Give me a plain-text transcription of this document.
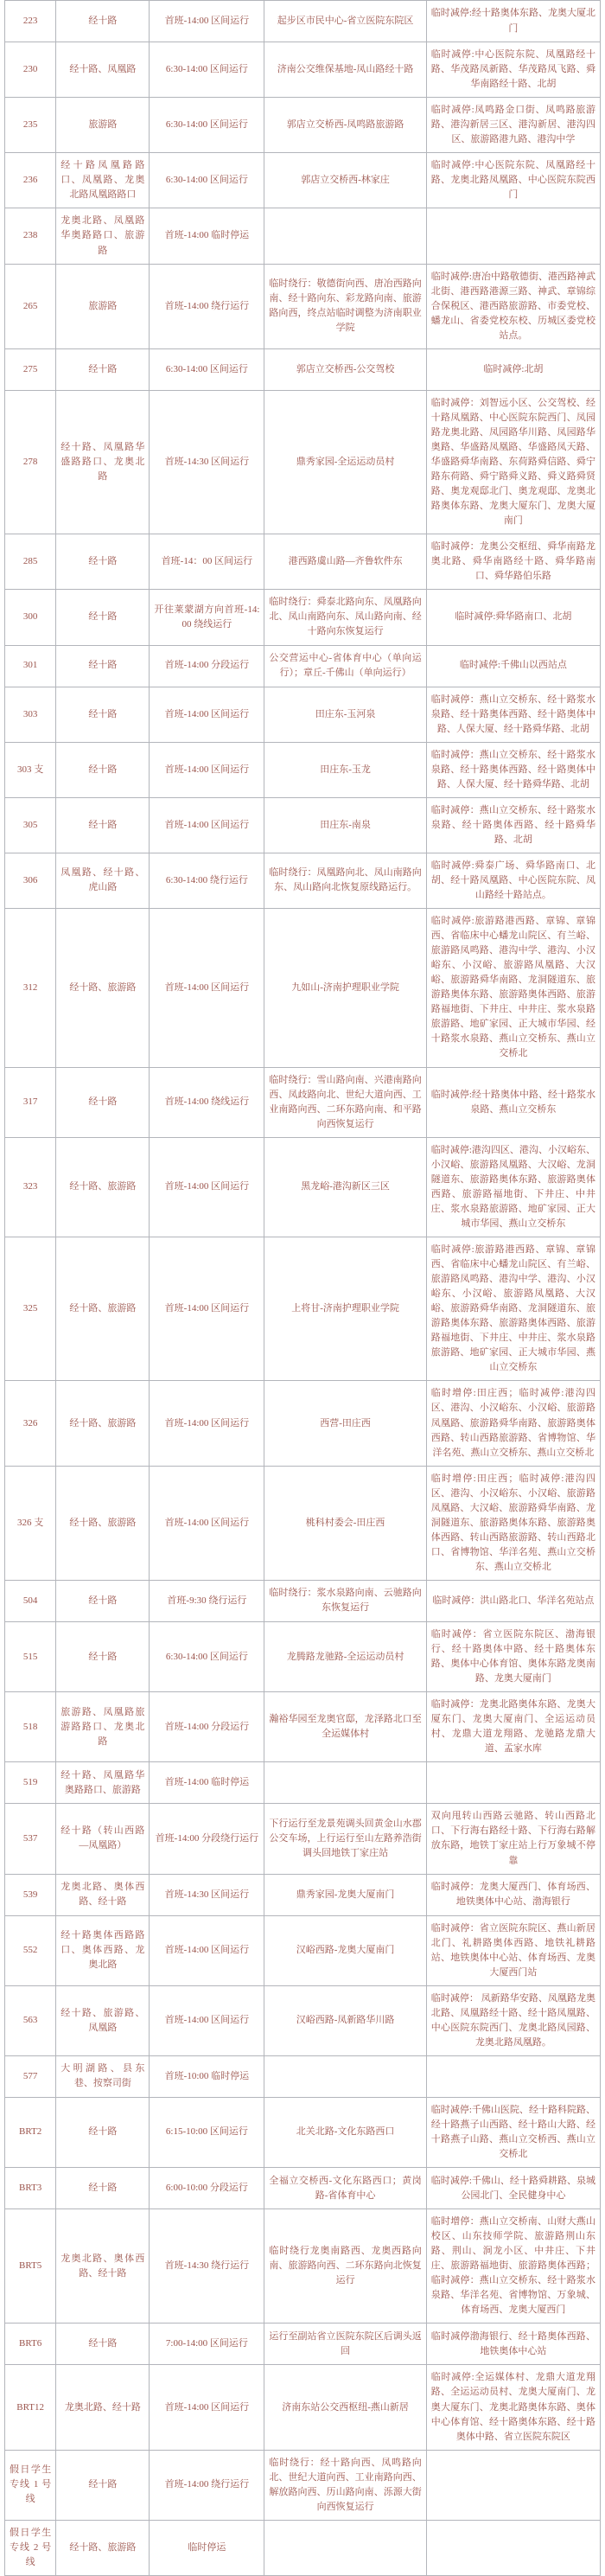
223	经十路	首班-14:00 区间运行	起步区市民中心-省立医院东院区	临时减停:经十路奥体东路、龙奥大厦北门
230	经十路、凤凰路	6:30-14:00 区间运行	济南公交维保基地-凤山路经十路	临时减停:中心医院东院、凤凰路经十路、华茂路凤新路、华茂路凤飞路、舜华南路经十路、北胡
235	旅游路	6:30-14:00 区间运行	郭店立交桥西-凤鸣路旅游路	临时减停:凤鸣路金口街、凤鸣路旅游路、港沟新居三区、港沟新居、港沟四区、旅游路港九路、港沟中学
236	经十路凤凰路路口、凤凰路、龙奥北路凤凰路路口	6:30-14:00 区间运行	郭店立交桥西-林家庄	临时减停:中心医院东院、凤凰路经十路、龙奥北路凤凰路、中心医院东院西门
238	龙奥北路、凤凰路华奥路路口、旅游路	首班-14:00 临时停运		
265	旅游路	首班-14:00 绕行运行	临时绕行：敬德街向西、唐冶西路向南、经十路向东、彩龙路向南、旅游路向西，终点站临时调整为济南职业学院	临时减停:唐冶中路敬德街、港西路神武北街、港西路港源三路、神武、章锦综合保税区、港西路旅游路、市委党校、蟠龙山、省委党校东校、历城区委党校站点。
275	经十路	6:30-14:00 区间运行	郭店立交桥西-公交驾校	临时减停:北胡
278	经十路、凤凰路华盛路路口、龙奥北路	首班-14:30 区间运行	鼎秀家园-全运运动员村	临时减停：刘智远小区、公交驾校、经十路凤凰路、中心医院东院西门、凤园路龙奥北路、凤园路华川路、凤园路华奥路、华盛路凤凰路、华盛路凤天路、华盛路舜华南路、东荷路舜信路、舜宁路东荷路、舜宁路舜义路、舜义路舜贤路、奥龙观邸北门、奥龙观邸、龙奥北路奥体东路、龙奥大厦东门、龙奥大厦南门
285	经十路	首班-14：00 区间运行	港西路虞山路—齐鲁软件东	临时减停：龙奥公交枢纽、舜华南路龙奥北路、舜华南路经十路、舜华路南口、舜华路伯乐路
300	经十路	开往莱蒙湖方向首班-14:00 绕线运行	临时绕行：舜泰北路向东、凤凰路向北、凤山南路向东、凤山路向南、经十路向东恢复运行	临时减停:舜华路南口、北胡
301	经十路	首班-14:00 分段运行	公交营运中心-省体育中心（单向运行）；章丘-千佛山（单向运行）	临时减停:千佛山以西站点
303	经十路	首班-14:00 区间运行	田庄东-玉河泉	临时减停：燕山立交桥东、经十路浆水泉路、经十路奥体西路、经十路奥体中路、人保大厦、经十路舜华路、北胡
303 支	经十路	首班-14:00 区间运行	田庄东-玉龙	临时减停：燕山立交桥东、经十路浆水泉路、经十路奥体西路、经十路奥体中路、人保大厦、经十路舜华路、北胡
305	经十路	首班-14:00 区间运行	田庄东-南泉	临时减停：燕山立交桥东、经十路浆水泉路、经十路奥体西路、经十路舜华路、北胡
306	凤凰路、经十路、虎山路	6:30-14:00 绕行运行	临时绕行：凤凰路向北、凤山南路向东、凤山路向北恢复原线路运行。	临时减停:舜泰广场、舜华路南口、北胡、经十路凤凰路、中心医院东院、凤山路经十路站点。
312	经十路、旅游路	首班-14:00 区间运行	九如山-济南护理职业学院	临时减停:旅游路港西路、章锦、章锦西、省临床中心蟠龙山院区、有兰峪、旅游路凤鸣路、港沟中学、港沟、小汉峪东、小汉峪、旅游路凤凰路、大汉峪、旅游路舜华南路、龙洞隧道东、旅游路奥体东路、旅游路奥体西路、旅游路福地街、下井庄、中井庄、浆水泉路旅游路、地矿家园、正大城市华园、经十路浆水泉路、燕山立交桥东、燕山立交桥北
317	经十路	首班-14:00 绕线运行	临时绕行：雪山路向南、兴港南路向西、凤歧路向北、世纪大道向西、工业南路向西、二环东路向南、和平路向西恢复运行	临时减停:经十路奥体中路、经十路浆水泉路、燕山立交桥东
323	经十路、旅游路	首班-14:00 区间运行	黑龙峪-港沟新区三区	临时减停:港沟四区、港沟、小汉峪东、小汉峪、旅游路凤凰路、大汉峪、龙洞隧道东、旅游路奥体东路、旅游路奥体西路、旅游路福地街、下井庄、中井庄、浆水泉路旅游路、地矿家园、正大城市华园、燕山立交桥东
325	经十路、旅游路	首班-14:00 区间运行	上将甘-济南护理职业学院	临时减停:旅游路港西路、章锦、章锦西、省临床中心蟠龙山院区、有兰峪、旅游路凤鸣路、港沟中学、港沟、小汉峪东、小汉峪、旅游路凤凰路、大汉峪、旅游路舜华南路、龙洞隧道东、旅游路奥体东路、旅游路奥体西路、旅游路福地街、下井庄、中井庄、浆水泉路旅游路、地矿家园、正大城市华园、燕山立交桥东
326	经十路、旅游路	首班-14:00 区间运行	西营-田庄西	临时增停:田庄西；临时减停:港沟四区、港沟、小汉峪东、小汉峪、旅游路凤凰路、旅游路舜华南路、旅游路奥体西路、转山西路旅游路、省博物馆、华洋名苑、燕山立交桥东、燕山立交桥北
326 支	经十路、旅游路	首班-14:00 区间运行	桃科村委会-田庄西	临时增停:田庄西；临时减停:港沟四区、港沟、小汉峪东、小汉峪、旅游路凤凰路、大汉峪、旅游路舜华南路、龙洞隧道东、旅游路奥体东路、旅游路奥体西路、转山西路旅游路、转山西路北口、省博物馆、华洋名苑、燕山立交桥东、燕山立交桥北
504	经十路	首班-9:30 绕行运行	临时绕行：浆水泉路向南、云驰路向东恢复运行	临时减停：洪山路北口、华洋名苑站点
515	经十路	6:30-14:00 区间运行	龙腾路龙驰路-全运运动员村	临时减停：省立医院东院区、渤海银行、经十路奥体中路、经十路奥体东路、奥体中心体育馆、奥体东路龙奥南路、龙奥大厦南门
518	旅游路、凤凰路旅游路路口、龙奥北路	首班-14:00 分段运行	瀚裕华园至龙奥官邸，龙泽路北口至全运媒体村	临时减停：龙奥北路奥体东路、龙奥大厦东门、龙奥大厦南门、全运运动员村、龙鼎大道龙翔路、龙驰路龙鼎大道、孟家水库
519	经十路、凤凰路华奥路路口、旅游路	首班-14:00 临时停运		
537	经十路（转山西路—凤凰路）	首班-14:00 分段绕行运行	下行运行至龙景苑调头回黄金山水郡公交车场，上行运行至山左路养浩街调头回地铁丁家庄站	双向甩转山西路云驰路、转山西路北口、下行海右路经十路、下行海右路解放东路，地铁丁家庄站上行万象城不停靠
539	龙奥北路、奥体西路、经十路	首班-14:30 区间运行	鼎秀家园-龙奥大厦南门	临时减停：龙奥大厦西门、体育场西、地铁奥体中心站、渤海银行
552	经十路奥体西路路口、奥体西路、龙奥北路	首班-14:00 区间运行	汉峪西路-龙奥大厦南门	临时减停：省立医院东院区、燕山新居北门、礼耕路奥体西路、地铁礼耕路站、地铁奥体中心站、体育场西、龙奥大厦西门站
563	经十路、旅游路、凤凰路	首班-14:00 区间运行	汉峪西路-凤新路华川路	临时减停： 凤新路华安路、凤凰路龙奥北路、凤凰路经十路、经十路凤凰路、中心医院东院西门、龙奥北路凤园路、龙奥北路凤凰路。
577	大明湖路、县东巷、按察司街	首班-10:00 临时停运		
BRT2	经十路	6:15-10:00 区间运行	北关北路-文化东路西口	临时减停:千佛山医院、经十路科院路、经十路燕子山西路、经十路山大路、经十路燕子山路、燕山立交桥西、燕山立交桥北
BRT3	经十路	6:00-10:00 分段运行	全福立交桥西-文化东路西口；黄岗路-省体育中心	临时减停:千佛山、经十路舜耕路、泉城公园北门、全民健身中心
BRT5	龙奥北路、奥体西路、经十路	首班-14:30 绕行运行	临时绕行龙奥南路西、龙奥西路向南、旅游路向西、二环东路向北恢复运行	临时增停：燕山立交桥南、山财大燕山校区、山东技师学院、旅游路荆山东路、荆山、涧龙小区、中井庄、下井庄、旅游路福地街、旅游路奥体西路；临时减停：燕山立交桥东、经十路浆水泉路、华洋名苑、省博物馆、万象城、体育场西、龙奥大厦西门
BRT6	经十路	7:00-14:00 区间运行	运行至副站省立医院东院区后调头返回	临时减停渤海银行、经十路奥体西路、地铁奥体中心站
BRT12	龙奥北路、经十路	首班-14:00 区间运行	济南东站公交西枢纽-燕山新居	临时减停:全运媒体村、龙鼎大道龙翔路、全运运动员村、龙奥大厦南门、龙奥大厦东门、龙奥北路奥体东路、奥体中心体育馆、经十路奥体东路、经十路奥体中路、省立医院东院区
假日学生专线 1 号线	经十路	首班-14:00 绕行运行	临时绕行：经十路向西、凤鸣路向北、世纪大道向西、工业南路向西、解放路向西、历山路向南、泺源大街向西恢复运行	
假日学生专线 2 号线	经十路、旅游路	临时停运		
